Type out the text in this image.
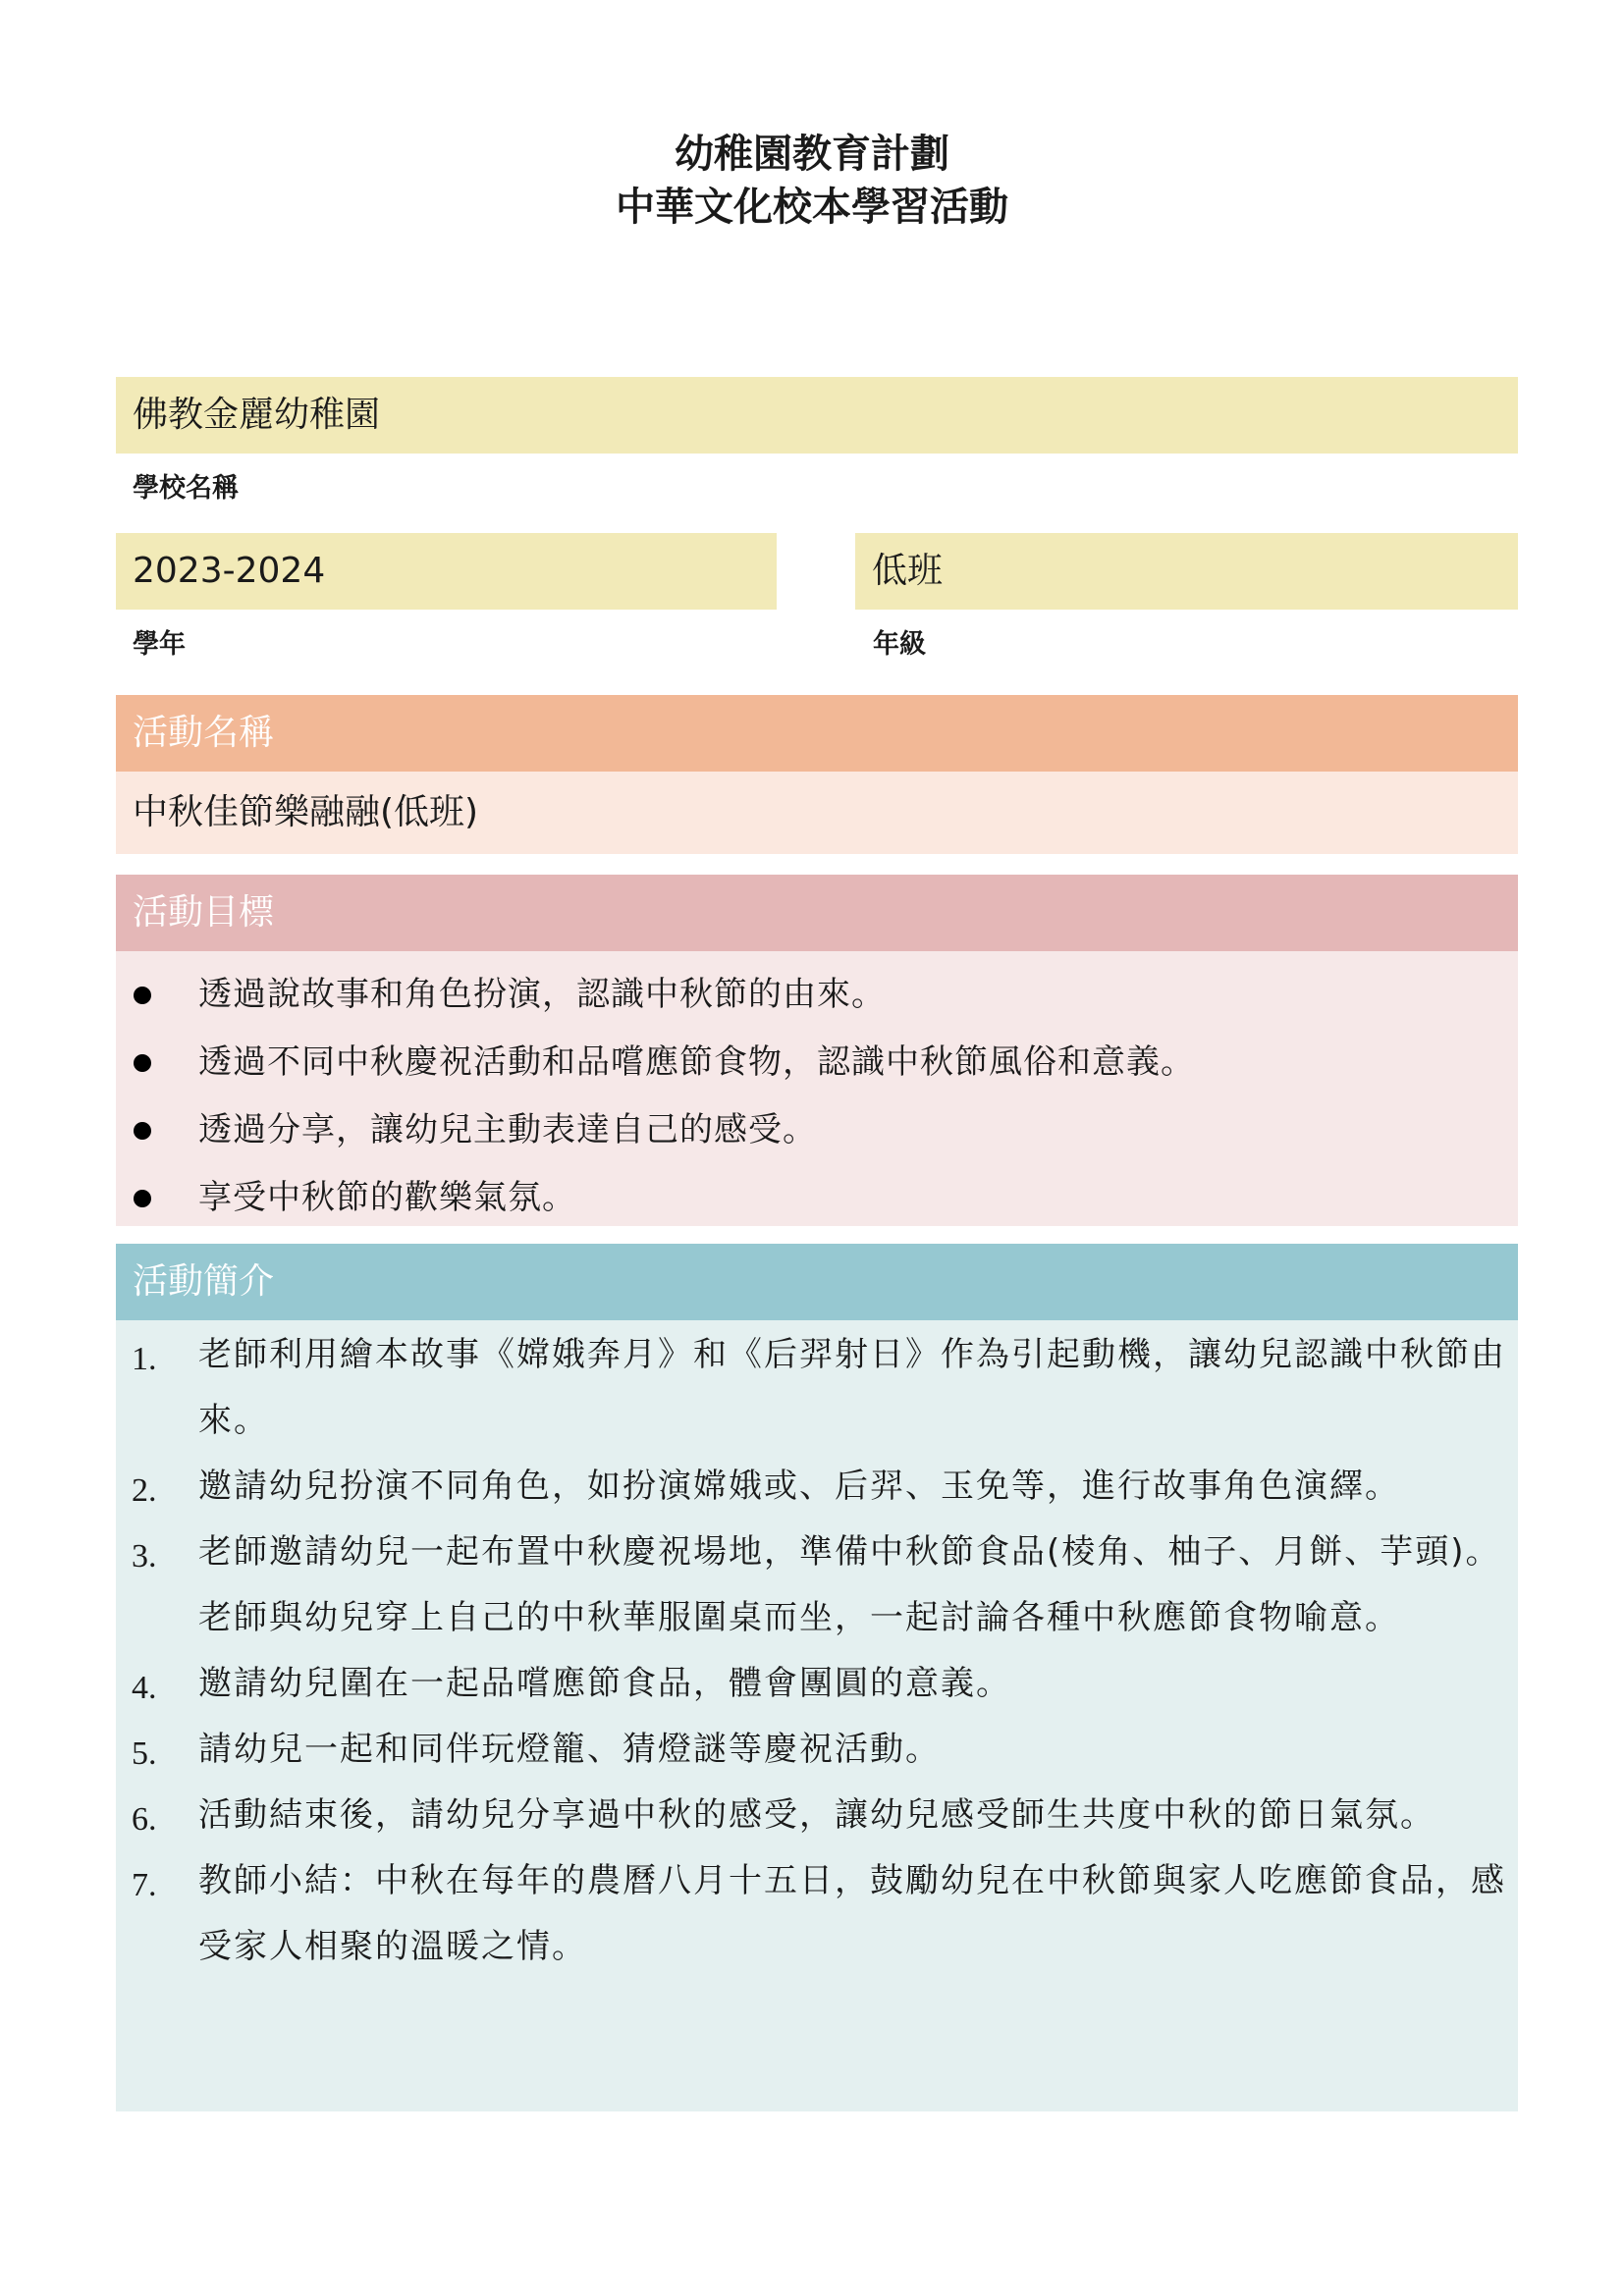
幼稚園教育計劃
中華文化校本學習活動
佛教金麗幼稚園
學校名稱
2023-2024
學年
低班
年級
活動名稱
中秋佳節樂融融(低班)
活動目標
透過說故事和角色扮演，認識中秋節的由來。
透過不同中秋慶祝活動和品嚐應節食物，認識中秋節風俗和意義。
透過分享，讓幼兒主動表達自己的感受。
享受中秋節的歡樂氣氛。
活動簡介
1. 老師利用繪本故事《嫦娥奔月》和《后羿射日》作為引起動機，讓幼兒認識中秋節由來。
2. 邀請幼兒扮演不同角色，如扮演嫦娥或、后羿、玉免等，進行故事角色演繹。
3. 老師邀請幼兒一起布置中秋慶祝場地，準備中秋節食品(棱角、柚子、月餅、芋頭)。老師與幼兒穿上自己的中秋華服圍桌而坐，一起討論各種中秋應節食物喻意。
4. 邀請幼兒圍在一起品嚐應節食品，體會團圓的意義。
5. 請幼兒一起和同伴玩燈籠、猜燈謎等慶祝活動。
6. 活動結束後，請幼兒分享過中秋的感受，讓幼兒感受師生共度中秋的節日氣氛。
7. 教師小結：中秋在每年的農曆八月十五日，鼓勵幼兒在中秋節與家人吃應節食品，感受家人相聚的溫暖之情。
